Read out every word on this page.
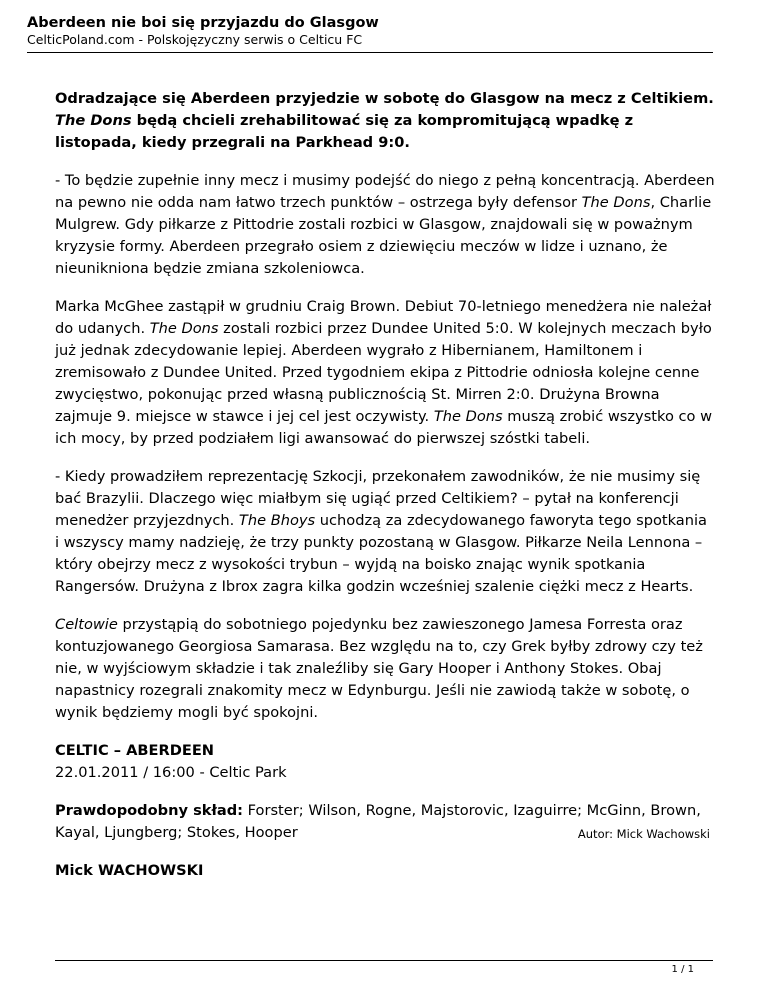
Aberdeen nie boi się przyjazdu do Glasgow
CelticPoland.com - Polskojęzyczny serwis o Celticu FC

Odradzające się Aberdeen przyjedzie w sobotę do Glasgow na mecz z Celtikiem. The Dons będą chcieli zrehabilitować się za kompromitującą wpadkę z listopada, kiedy przegrali na Parkhead 9:0.

- To będzie zupełnie inny mecz i musimy podejść do niego z pełną koncentracją. Aberdeen na pewno nie odda nam łatwo trzech punktów – ostrzega były defensor The Dons, Charlie Mulgrew. Gdy piłkarze z Pittodrie zostali rozbici w Glasgow, znajdowali się w poważnym kryzysie formy. Aberdeen przegrało osiem z dziewięciu meczów w lidze i uznano, że nieunikniona będzie zmiana szkoleniowca.

Marka McGhee zastąpił w grudniu Craig Brown. Debiut 70-letniego menedżera nie należał do udanych. The Dons zostali rozbici przez Dundee United 5:0. W kolejnych meczach było już jednak zdecydowanie lepiej. Aberdeen wygrało z Hibernianem, Hamiltonem i zremisowało z Dundee United. Przed tygodniem ekipa z Pittodrie odniosła kolejne cenne zwycięstwo, pokonując przed własną publicznością St. Mirren 2:0. Drużyna Browna zajmuje 9. miejsce w stawce i jej cel jest oczywisty. The Dons muszą zrobić wszystko co w ich mocy, by przed podziałem ligi awansować do pierwszej szóstki tabeli.

- Kiedy prowadziłem reprezentację Szkocji, przekonałem zawodników, że nie musimy się bać Brazylii. Dlaczego więc miałbym się ugiąć przed Celtikiem? – pytał na konferencji menedżer przyjezdnych. The Bhoys uchodzą za zdecydowanego faworyta tego spotkania i wszyscy mamy nadzieję, że trzy punkty pozostaną w Glasgow. Piłkarze Neila Lennona – który obejrzy mecz z wysokości trybun – wyjdą na boisko znając wynik spotkania Rangersów. Drużyna z Ibrox zagra kilka godzin wcześniej szalenie ciężki mecz z Hearts.

Celtowie przystąpią do sobotniego pojedynku bez zawieszonego Jamesa Forresta oraz kontuzjowanego Georgiosa Samarasa. Bez względu na to, czy Grek byłby zdrowy czy też nie, w wyjściowym składzie i tak znaleźliby się Gary Hooper i Anthony Stokes. Obaj napastnicy rozegrali znakomity mecz w Edynburgu. Jeśli nie zawiodą także w sobotę, o wynik będziemy mogli być spokojni.

CELTIC – ABERDEEN
22.01.2011 / 16:00 - Celtic Park

Prawdopodobny skład: Forster; Wilson, Rogne, Majstorovic, Izaguirre; McGinn, Brown, Kayal, Ljungberg; Stokes, Hooper

Mick WACHOWSKI

Autor: Mick Wachowski
1 / 1
